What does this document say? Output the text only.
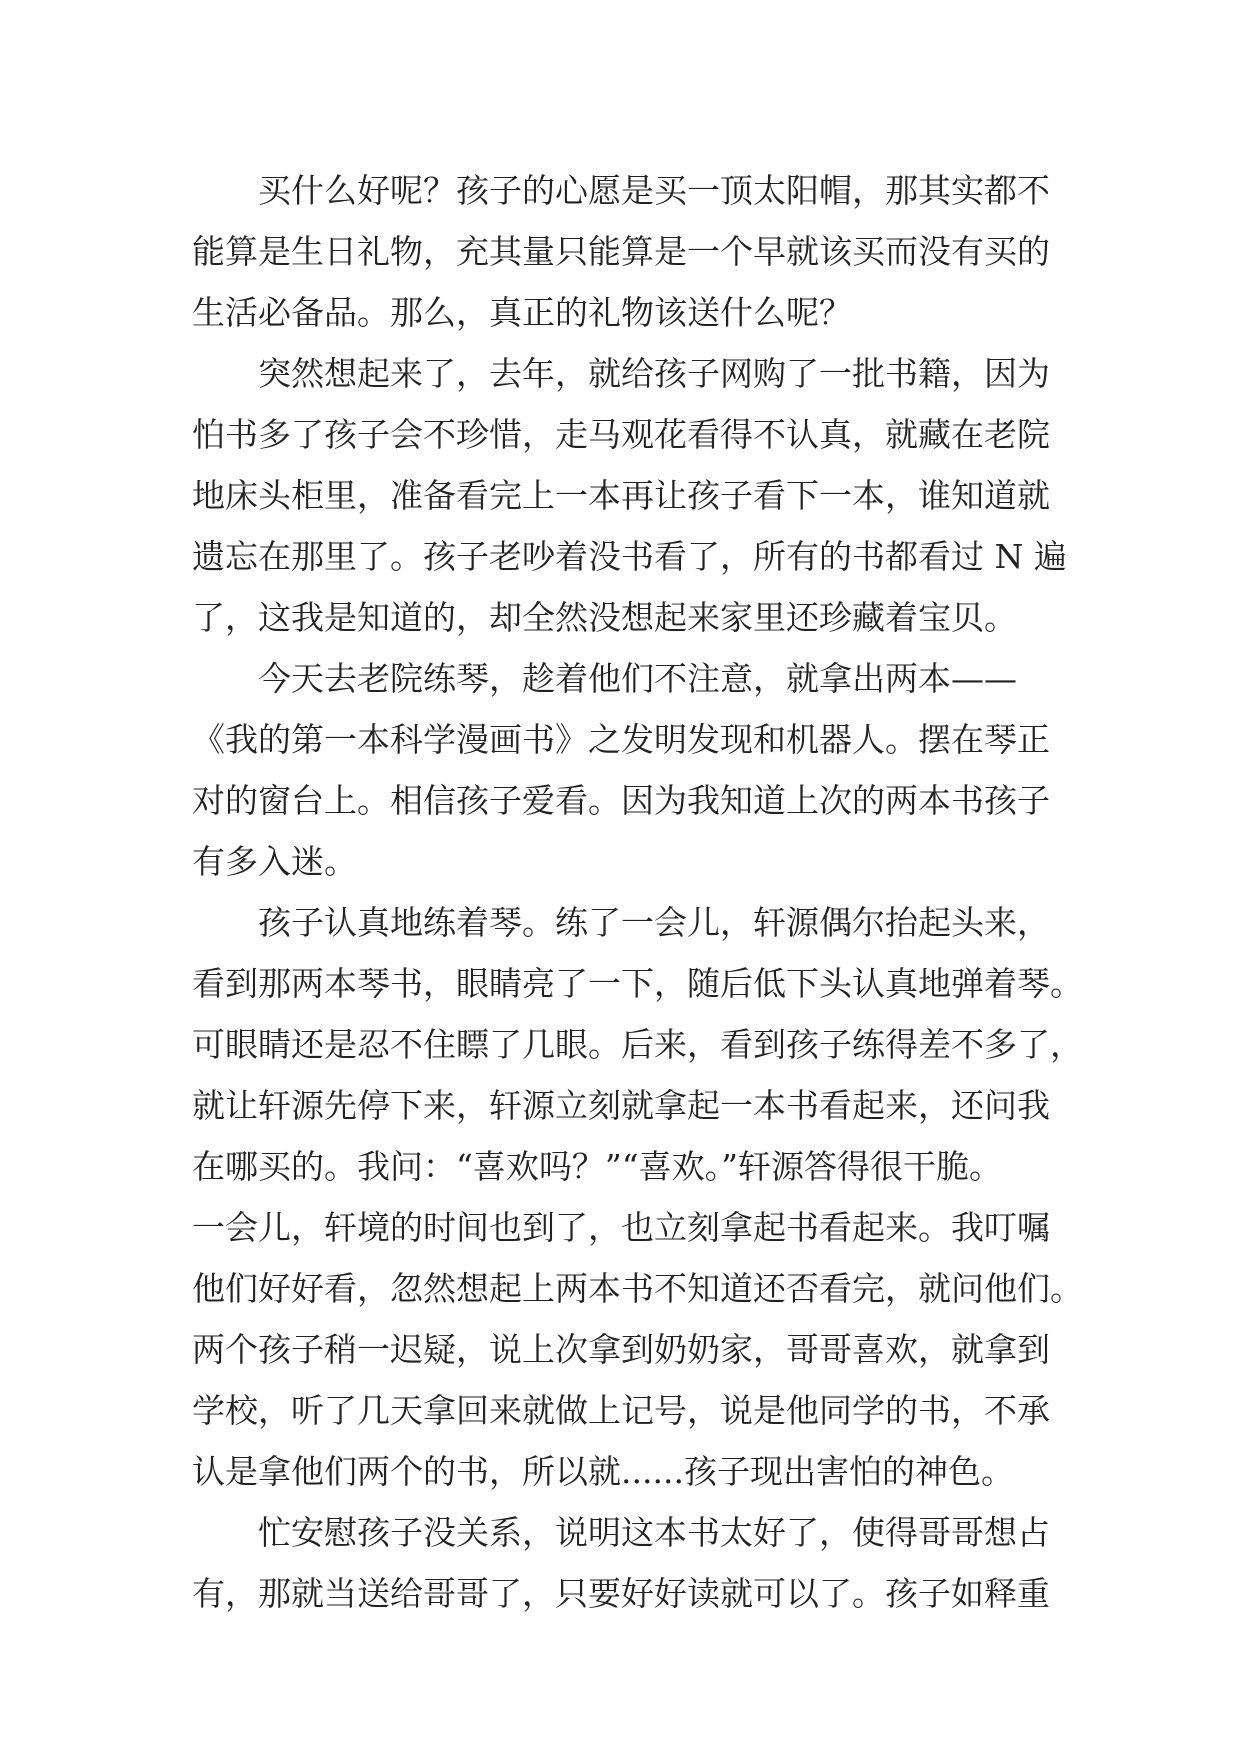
　　买什么好呢？孩子的心愿是买一顶太阳帽，那其实都不
能算是生日礼物，充其量只能算是一个早就该买而没有买的
生活必备品。那么，真正的礼物该送什么呢？
　　突然想起来了，去年，就给孩子网购了一批书籍，因为
怕书多了孩子会不珍惜，走马观花看得不认真，就藏在老院
地床头柜里，准备看完上一本再让孩子看下一本，谁知道就
遗忘在那里了。孩子老吵着没书看了，所有的书都看过 N 遍
了，这我是知道的，却全然没想起来家里还珍藏着宝贝。
　　今天去老院练琴，趁着他们不注意，就拿出两本——
《我的第一本科学漫画书》之发明发现和机器人。摆在琴正
对的窗台上。相信孩子爱看。因为我知道上次的两本书孩子
有多入迷。
　　孩子认真地练着琴。练了一会儿，轩源偶尔抬起头来，
看到那两本琴书，眼睛亮了一下，随后低下头认真地弹着琴。
可眼睛还是忍不住瞟了几眼。后来，看到孩子练得差不多了，
就让轩源先停下来，轩源立刻就拿起一本书看起来，还问我
在哪买的。我问：“喜欢吗？”“喜欢。”轩源答得很干脆。
一会儿，轩境的时间也到了，也立刻拿起书看起来。我叮嘱
他们好好看，忽然想起上两本书不知道还否看完，就问他们。
两个孩子稍一迟疑，说上次拿到奶奶家，哥哥喜欢，就拿到
学校，听了几天拿回来就做上记号，说是他同学的书，不承
认是拿他们两个的书，所以就......孩子现出害怕的神色。
　　忙安慰孩子没关系，说明这本书太好了，使得哥哥想占
有，那就当送给哥哥了，只要好好读就可以了。孩子如释重
